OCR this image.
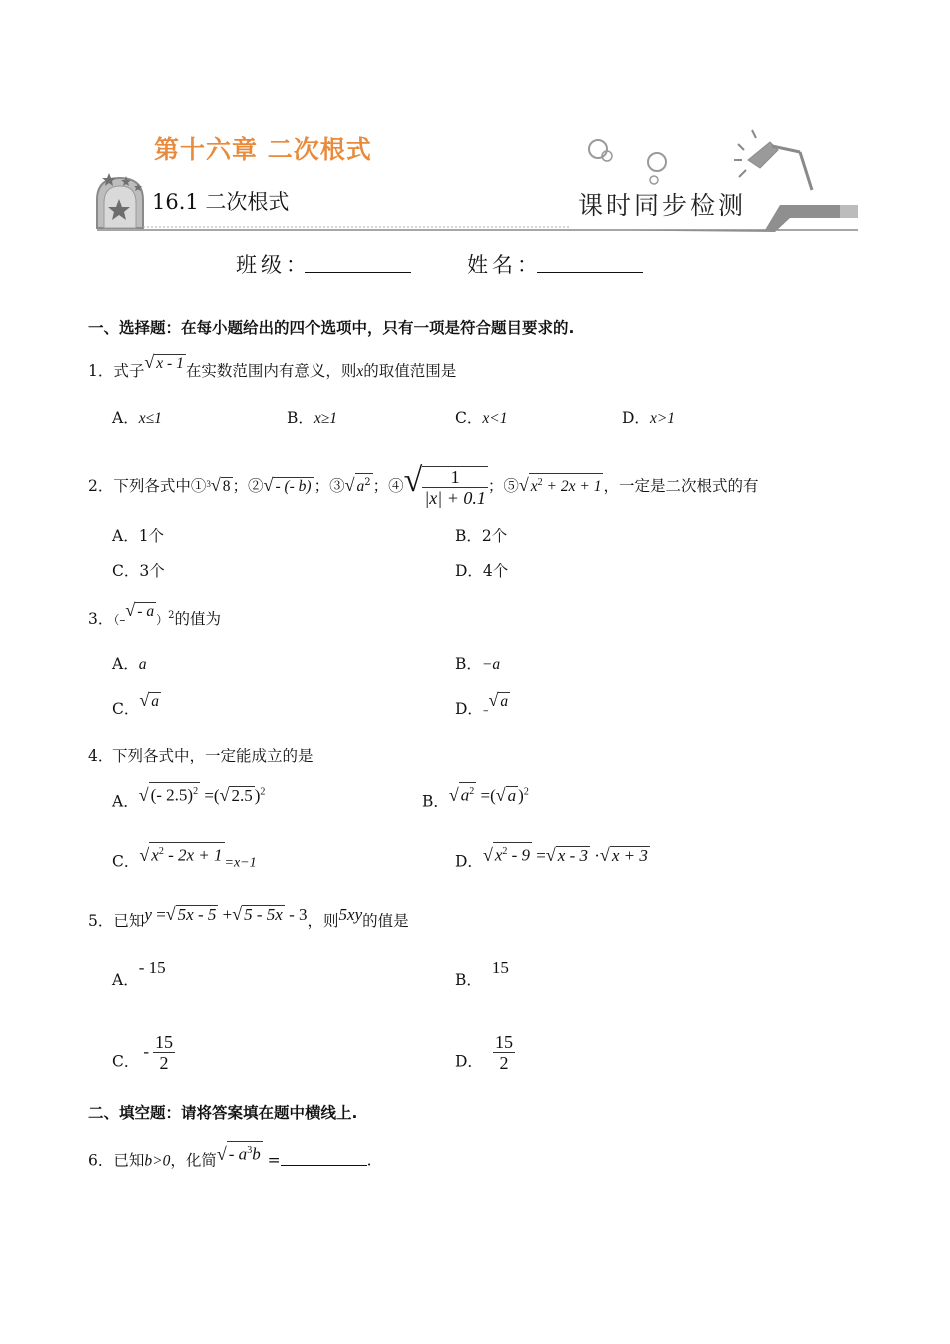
第十六章 二次根式
16.1 二次根式	课时同步检测
班级：	姓名：
一、选择题：在每小题给出的四个选项中，只有一项是符合题目要求的.
1．式子√ x - 1 在实数范围内有意义，则x的取值范围是
A．x≤1	B．x≥1	C．x<1	D．x>1
2．下列各式中①$^3$√ 8 ；②√ - (- b) ；③√ $a^2$ ；④√ $\frac{1}{|x| + 0.1}$ ；⑤√ $x^2 + 2x + 1$ ，一定是二次根式的有
A．1个	B．2个
C．3个	D．4个
3．（–√ - a ）$^2$的值为
A．a	B．−a
C．√ a	D．–√ a
4．
下列各式中，一定能成立的是
A．√ (- 2.5)$^2$ =(√ 2.5 )$^2$
B．√ $a^2$ =(√ a )$^2$
C．√ $x^2 - 2x + 1 =x-1$	D．√ $x^2 - 9$ =√ x - 3 ·√ x + 3
5．已知y =√ 5x - 5 +√ 5 - 5x - 3，则5xy的值是
A．- 15
B．15
C．- $\frac{15}{2}$	D． $\frac{15}{2}$
二、填空题：请将答案填在题中横线上.
6．已知b>0，化简√ - $a^3b$ =	.
